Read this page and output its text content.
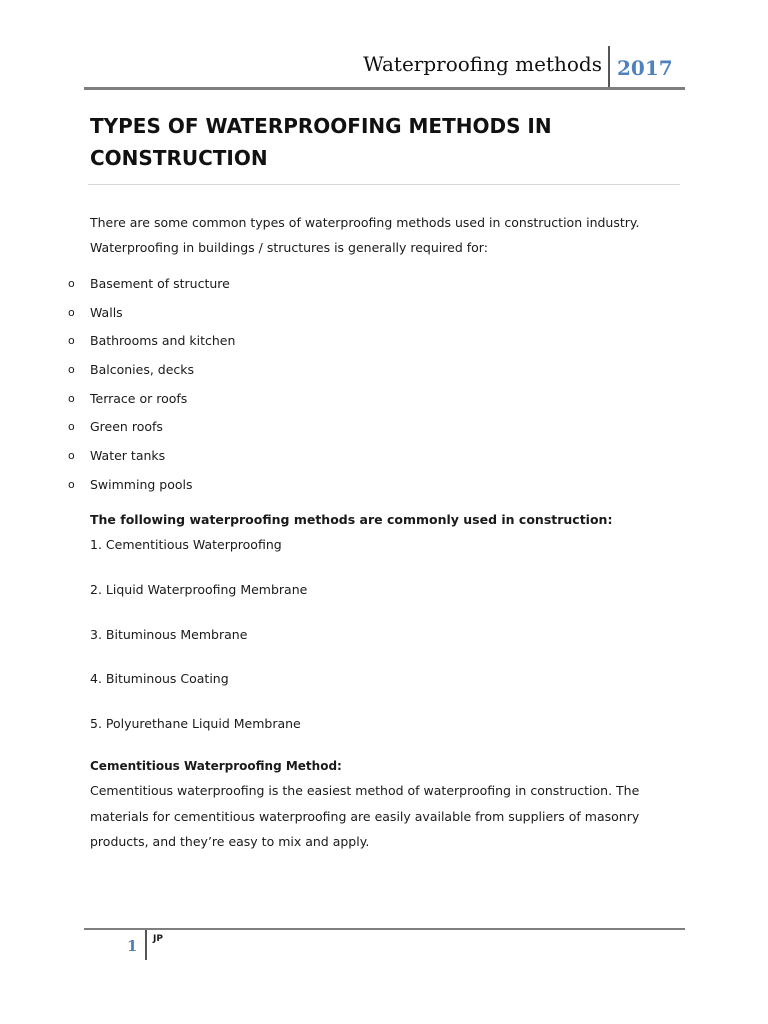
Waterproofing methods 2017
TYPES OF WATERPROOFING METHODS IN CONSTRUCTION

There are some common types of waterproofing methods used in construction industry. Waterproofing in buildings / structures is generally required for:

o Basement of structure
o Walls
o Bathrooms and kitchen
o Balconies, decks
o Terrace or roofs
o Green roofs
o Water tanks
o Swimming pools

The following waterproofing methods are commonly used in construction:

1. Cementitious Waterproofing
2. Liquid Waterproofing Membrane
3. Bituminous Membrane
4. Bituminous Coating
5. Polyurethane Liquid Membrane

Cementitious Waterproofing Method:

Cementitious waterproofing is the easiest method of waterproofing in construction. The materials for cementitious waterproofing are easily available from suppliers of masonry products, and they’re easy to mix and apply.

1 JP
